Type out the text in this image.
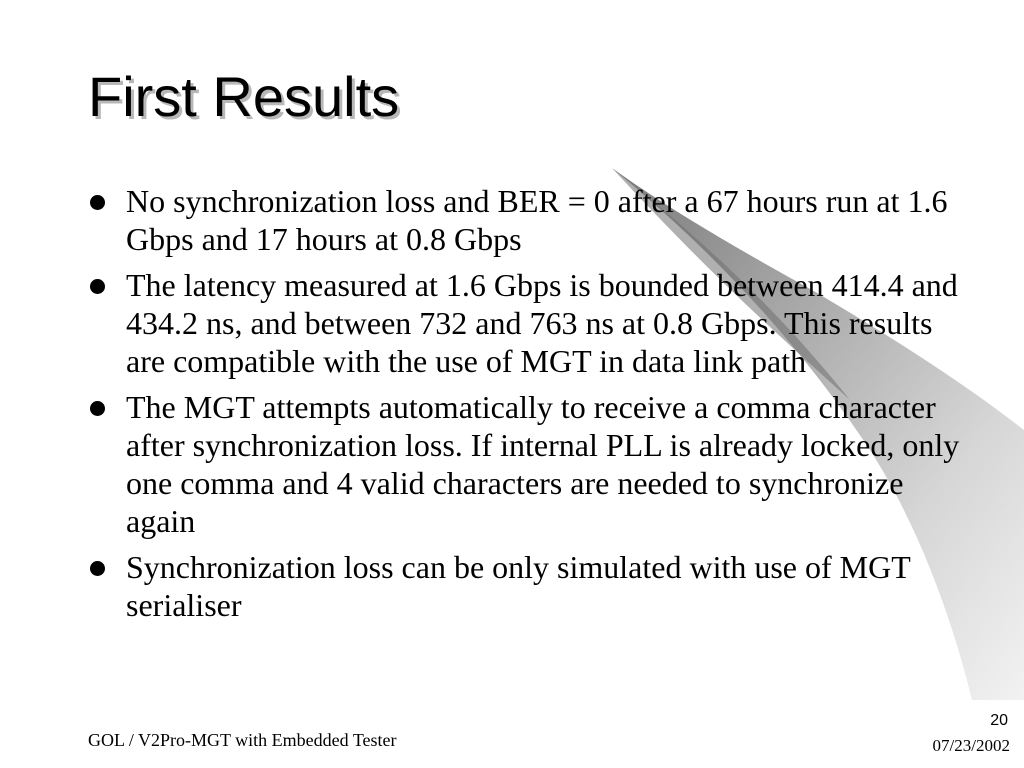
First Results
No synchronization loss and BER = 0 after a 67 hours run at 1.6 Gbps and 17 hours at 0.8 Gbps
The latency measured at 1.6 Gbps is bounded between 414.4 and 434.2 ns, and between 732 and 763 ns at 0.8 Gbps. This results are compatible with the use of MGT in data link path
The MGT attempts automatically to receive a comma character after synchronization loss. If internal PLL is already locked, only one comma and 4 valid characters are needed to synchronize again
Synchronization loss can be only simulated with use of MGT serialiser
GOL / V2Pro-MGT with Embedded Tester
20
07/23/2002
